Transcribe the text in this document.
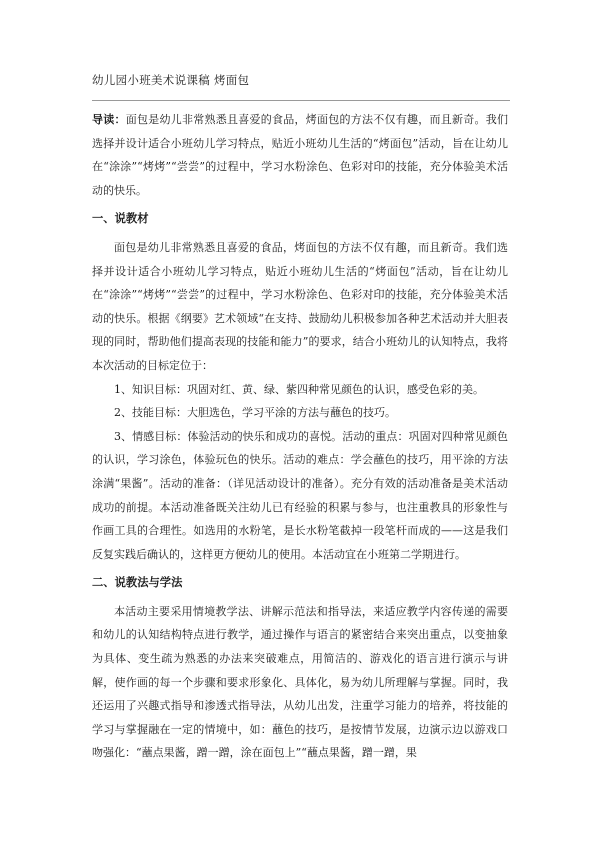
幼儿园小班美术说课稿 烤面包

导读：面包是幼儿非常熟悉且喜爱的食品，烤面包的方法不仅有趣，而且新奇。我们选择并设计适合小班幼儿学习特点，贴近小班幼儿生活的“烤面包”活动，旨在让幼儿在“涂涂”“烤烤”“尝尝”的过程中，学习水粉涂色、色彩对印的技能，充分体验美术活动的快乐。

一、说教材

面包是幼儿非常熟悉且喜爱的食品，烤面包的方法不仅有趣，而且新奇。我们选择并设计适合小班幼儿学习特点，贴近小班幼儿生活的“烤面包”活动，旨在让幼儿在“涂涂”“烤烤”“尝尝”的过程中，学习水粉涂色、色彩对印的技能，充分体验美术活动的快乐。根据《纲要》艺术领域“在支持、鼓励幼儿积极参加各种艺术活动并大胆表现的同时，帮助他们提高表现的技能和能力”的要求，结合小班幼儿的认知特点，我将本次活动的目标定位于：

1、知识目标：巩固对红、黄、绿、紫四种常见颜色的认识，感受色彩的美。

2、技能目标：大胆选色，学习平涂的方法与蘸色的技巧。

3、情感目标：体验活动的快乐和成功的喜悦。活动的重点：巩固对四种常见颜色的认识，学习涂色，体验玩色的快乐。活动的难点：学会蘸色的技巧，用平涂的方法涂满“果酱”。活动的准备：（详见活动设计的准备）。充分有效的活动准备是美术活动成功的前提。本活动准备既关注幼儿已有经验的积累与参与，也注重教具的形象性与作画工具的合理性。如选用的水粉笔，是长水粉笔截掉一段笔杆而成的——这是我们反复实践后确认的，这样更方便幼儿的使用。本活动宜在小班第二学期进行。

二、说教法与学法

本活动主要采用情境教学法、讲解示范法和指导法，来适应教学内容传递的需要和幼儿的认知结构特点进行教学，通过操作与语言的紧密结合来突出重点，以变抽象为具体、变生疏为熟悉的办法来突破难点，用简洁的、游戏化的语言进行演示与讲解，使作画的每一个步骤和要求形象化、具体化，易为幼儿所理解与掌握。同时，我还运用了兴趣式指导和渗透式指导法，从幼儿出发，注重学习能力的培养，将技能的学习与掌握融在一定的情境中，如：蘸色的技巧，是按情节发展，边演示边以游戏口吻强化：“蘸点果酱，蹭一蹭，涂在面包上”“蘸点果酱，蹭一蹭，果
